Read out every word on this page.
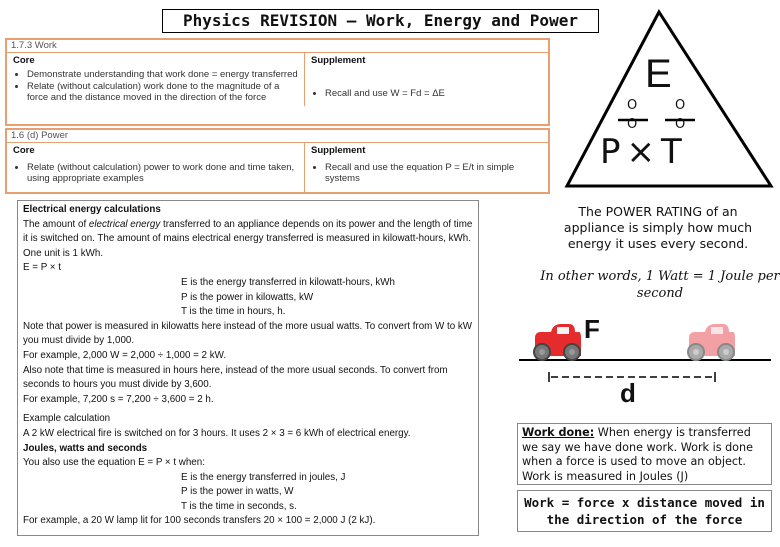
Physics REVISION – Work, Energy and Power
1.7.3 Work
Core
• Demonstrate understanding that work done = energy transferred
• Relate (without calculation) work done to the magnitude of a force and the distance moved in the direction of the force
Supplement
• Recall and use W = Fd = ΔE
1.6 (d) Power
Core
• Relate (without calculation) power to work done and time taken, using appropriate examples
Supplement
• Recall and use the equation P = E/t in simple systems
E
O
O
O
O
P×T

Electrical energy calculations

The amount of electrical energy transferred to an appliance depends on its power and the length of time it is switched on. The amount of mains electrical energy transferred is measured in kilowatt-hours, kWh. One unit is 1 kWh.

E = P × t

E is the energy transferred in kilowatt-hours, kWh

P is the power in kilowatts, kW

T is the time in hours, h.

Note that power is measured in kilowatts here instead of the more usual watts. To convert from W to kW you must divide by 1,000.

For example, 2,000 W = 2,000 ÷ 1,000 = 2 kW.

Also note that time is measured in hours here, instead of the more usual seconds. To convert from seconds to hours you must divide by 3,600.

For example, 7,200 s = 7,200 ÷ 3,600 = 2 h.

Example calculation

A 2 kW electrical fire is switched on for 3 hours. It uses 2 × 3 = 6 kWh of electrical energy.

Joules, watts and seconds

You also use the equation E = P × t when:

E is the energy transferred in joules, J

P is the power in watts, W

T is the time in seconds, s.

For example, a 20 W lamp lit for 100 seconds transfers 20 × 100 = 2,000 J (2 kJ).

The POWER RATING of an appliance is simply how much energy it uses every second.
In other words, 1 Watt = 1 Joule per second
F
d
Work done: When energy is transferred we say we have done work. Work is done when a force is used to move an object. Work is measured in Joules (J)
Work = force x distance moved in the direction of the force
